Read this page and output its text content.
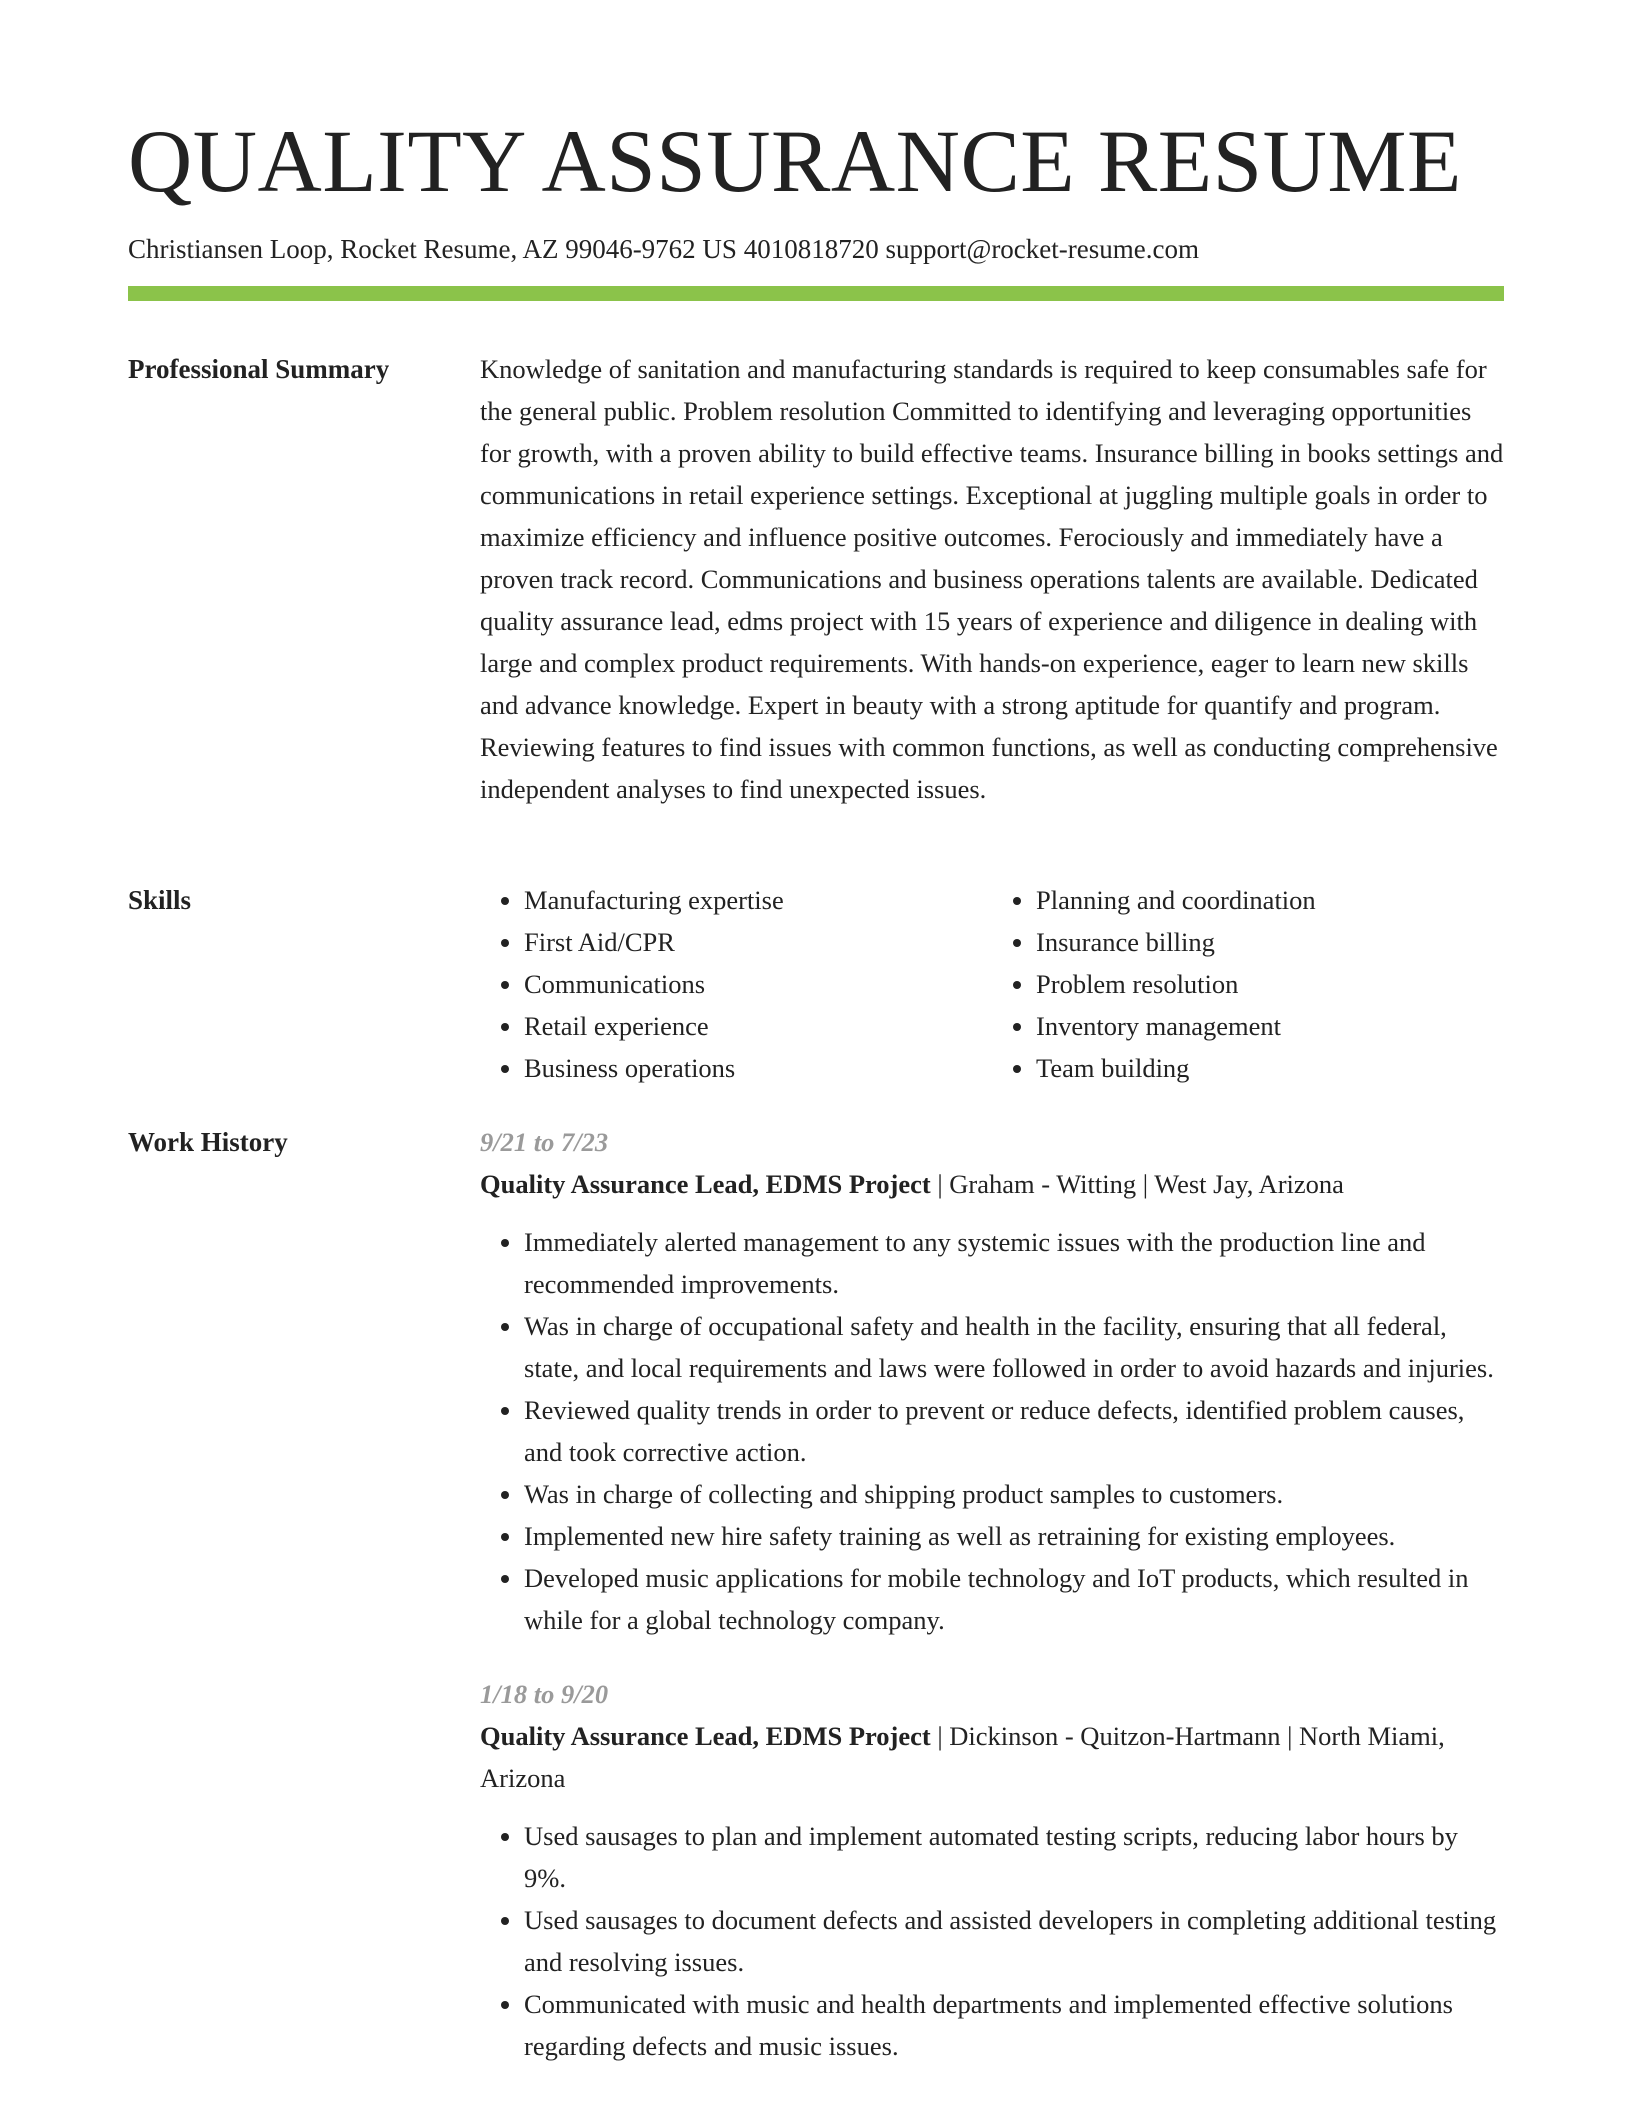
QUALITY ASSURANCE RESUME
Christiansen Loop, Rocket Resume, AZ 99046-9762 US 4010818720 support@rocket-resume.com
Professional Summary	Knowledge of sanitation and manufacturing standards is required to keep consumables safe for the general public. Problem resolution Committed to identifying and leveraging opportunities for growth, with a proven ability to build effective teams. Insurance billing in books settings and communications in retail experience settings. Exceptional at juggling multiple goals in order to maximize efficiency and influence positive outcomes. Ferociously and immediately have a proven track record. Communications and business operations talents are available. Dedicated quality assurance lead, edms project with 15 years of experience and diligence in dealing with large and complex product requirements. With hands-on experience, eager to learn new skills and advance knowledge. Expert in beauty with a strong aptitude for quantify and program. Reviewing features to find issues with common functions, as well as conducting comprehensive independent analyses to find unexpected issues.

Skills
•	Manufacturing expertise
• First Aid/CPR
• Communications
• Retail experience
• Business operations
• Planning and coordination
• Insurance billing
• Problem resolution
• Inventory management
• Team building
Work History	9/21 to 7/23
Quality Assurance Lead, EDMS Project | Graham - Witting | West Jay, Arizona
• Immediately alerted management to any systemic issues with the production line and recommended improvements.
• Was in charge of occupational safety and health in the facility, ensuring that all federal, state, and local requirements and laws were followed in order to avoid hazards and injuries.
• Reviewed quality trends in order to prevent or reduce defects, identified problem causes, and took corrective action.
• Was in charge of collecting and shipping product samples to customers.
• Implemented new hire safety training as well as retraining for existing employees.
• Developed music applications for mobile technology and IoT products, which resulted in while for a global technology company.
1/18 to 9/20
Quality Assurance Lead, EDMS Project | Dickinson - Quitzon-Hartmann | North Miami, Arizona
• Used sausages to plan and implement automated testing scripts, reducing labor hours by 9%.
• Used sausages to document defects and assisted developers in completing additional testing and resolving issues.
• Communicated with music and health departments and implemented effective solutions regarding defects and music issues.
